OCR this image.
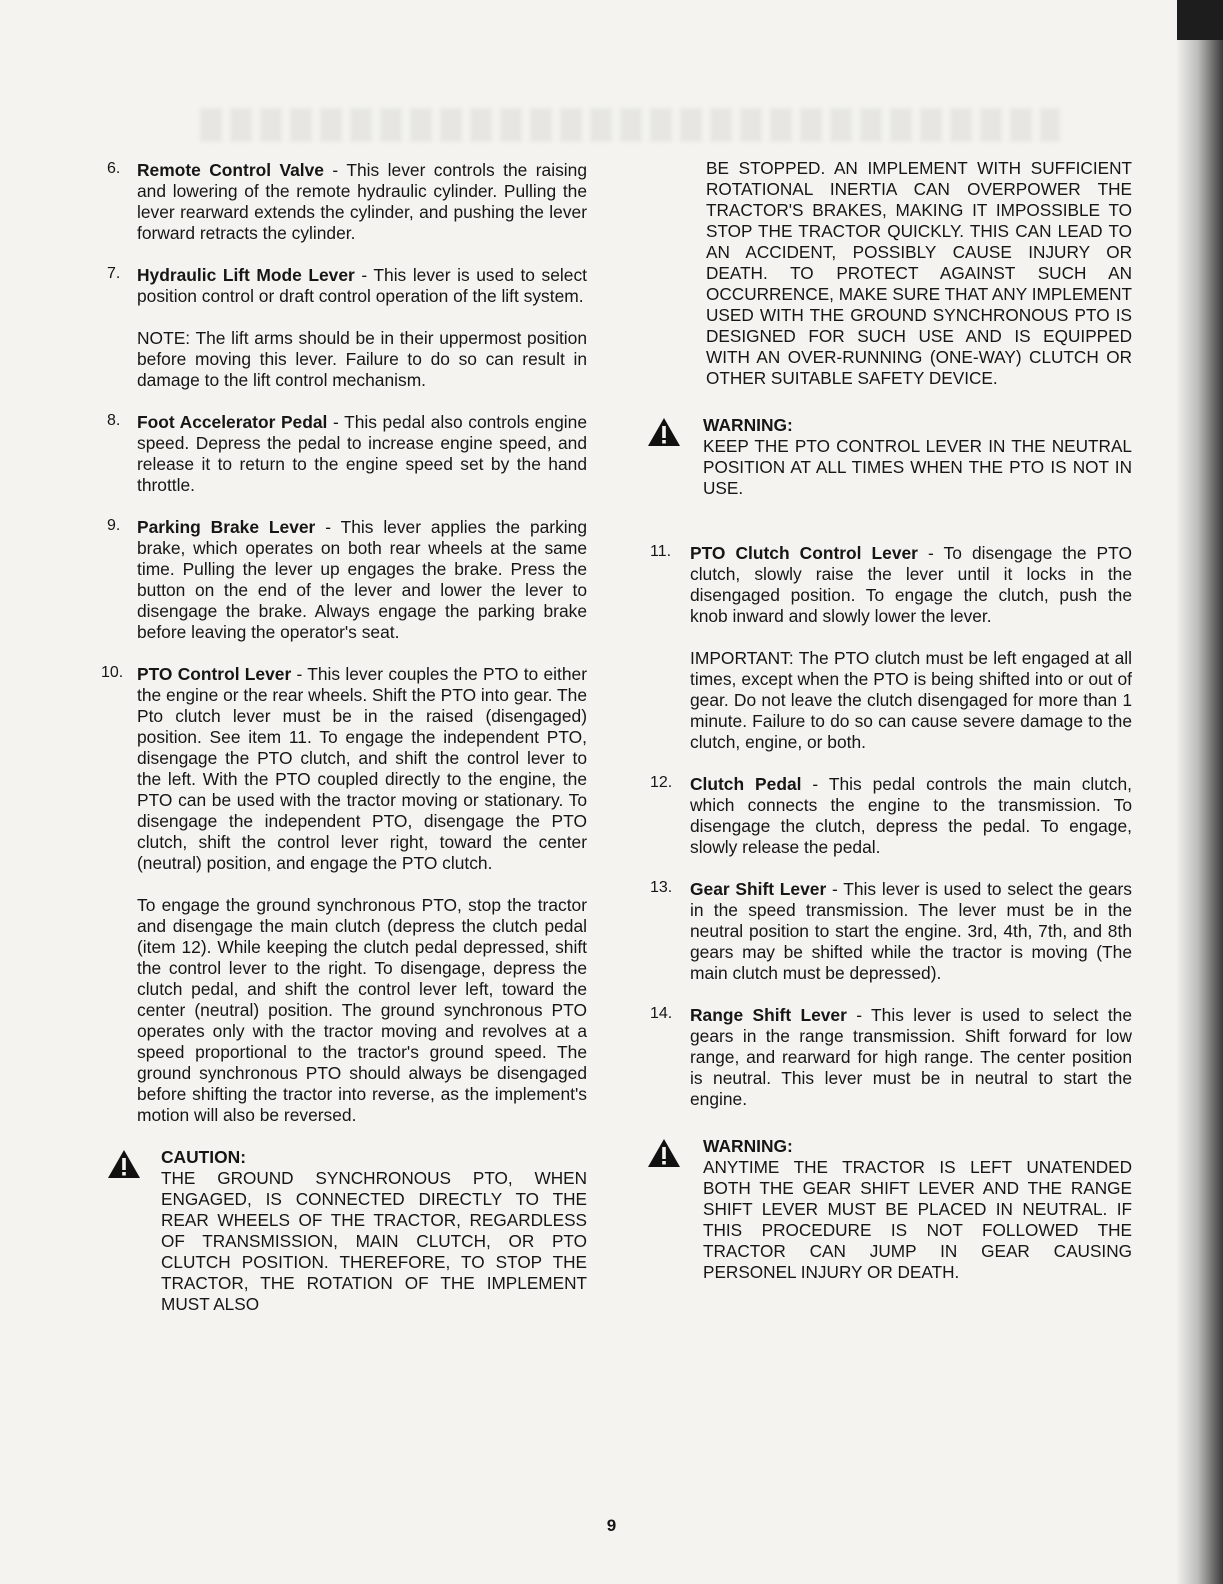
6. Remote Control Valve - This lever controls the raising and lowering of the remote hydraulic cylinder. Pulling the lever rearward extends the cylinder, and pushing the lever forward retracts the cylinder.

7. Hydraulic Lift Mode Lever - This lever is used to select position control or draft control operation of the lift system.

NOTE: The lift arms should be in their uppermost position before moving this lever. Failure to do so can result in damage to the lift control mechanism.

8. Foot Accelerator Pedal - This pedal also controls engine speed. Depress the pedal to increase engine speed, and release it to return to the engine speed set by the hand throttle.

9. Parking Brake Lever - This lever applies the parking brake, which operates on both rear wheels at the same time. Pulling the lever up engages the brake. Press the button on the end of the lever and lower the lever to disengage the brake. Always engage the parking brake before leaving the operator's seat.

10. PTO Control Lever - This lever couples the PTO to either the engine or the rear wheels. Shift the PTO into gear. The Pto clutch lever must be in the raised (disengaged) position. See item 11. To engage the independent PTO, disengage the PTO clutch, and shift the control lever to the left. With the PTO coupled directly to the engine, the PTO can be used with the tractor moving or stationary. To disengage the independent PTO, disengage the PTO clutch, shift the control lever right, toward the center (neutral) position, and engage the PTO clutch.

To engage the ground synchronous PTO, stop the tractor and disengage the main clutch (depress the clutch pedal (item 12). While keeping the clutch pedal depressed, shift the control lever to the right. To disengage, depress the clutch pedal, and shift the control lever left, toward the center (neutral) position. The ground synchronous PTO operates only with the tractor moving and revolves at a speed proportional to the tractor's ground speed. The ground synchronous PTO should always be disengaged before shifting the tractor into reverse, as the implement's motion will also be reversed.

CAUTION:

THE GROUND SYNCHRONOUS PTO, WHEN ENGAGED, IS CONNECTED DIRECTLY TO THE REAR WHEELS OF THE TRACTOR, REGARDLESS OF TRANSMISSION, MAIN CLUTCH, OR PTO CLUTCH POSITION. THEREFORE, TO STOP THE TRACTOR, THE ROTATION OF THE IMPLEMENT MUST ALSO

BE STOPPED. AN IMPLEMENT WITH SUFFICIENT ROTATIONAL INERTIA CAN OVERPOWER THE TRACTOR'S BRAKES, MAKING IT IMPOSSIBLE TO STOP THE TRACTOR QUICKLY. THIS CAN LEAD TO AN ACCIDENT, POSSIBLY CAUSE INJURY OR DEATH. TO PROTECT AGAINST SUCH AN OCCURRENCE, MAKE SURE THAT ANY IMPLEMENT USED WITH THE GROUND SYNCHRONOUS PTO IS DESIGNED FOR SUCH USE AND IS EQUIPPED WITH AN OVER-RUNNING (ONE-WAY) CLUTCH OR OTHER SUITABLE SAFETY DEVICE.

WARNING:

KEEP THE PTO CONTROL LEVER IN THE NEUTRAL POSITION AT ALL TIMES WHEN THE PTO IS NOT IN USE.

11. PTO Clutch Control Lever - To disengage the PTO clutch, slowly raise the lever until it locks in the disengaged position. To engage the clutch, push the knob inward and slowly lower the lever.

IMPORTANT: The PTO clutch must be left engaged at all times, except when the PTO is being shifted into or out of gear. Do not leave the clutch disengaged for more than 1 minute. Failure to do so can cause severe damage to the clutch, engine, or both.

12. Clutch Pedal - This pedal controls the main clutch, which connects the engine to the transmission. To disengage the clutch, depress the pedal. To engage, slowly release the pedal.

13. Gear Shift Lever - This lever is used to select the gears in the speed transmission. The lever must be in the neutral position to start the engine. 3rd, 4th, 7th, and 8th gears may be shifted while the tractor is moving (The main clutch must be depressed).

14. Range Shift Lever - This lever is used to select the gears in the range transmission. Shift forward for low range, and rearward for high range. The center position is neutral. This lever must be in neutral to start the engine.

WARNING:

ANYTIME THE TRACTOR IS LEFT UNATENDED BOTH THE GEAR SHIFT LEVER AND THE RANGE SHIFT LEVER MUST BE PLACED IN NEUTRAL. IF THIS PROCEDURE IS NOT FOLLOWED THE TRACTOR CAN JUMP IN GEAR CAUSING PERSONEL INJURY OR DEATH.

9
